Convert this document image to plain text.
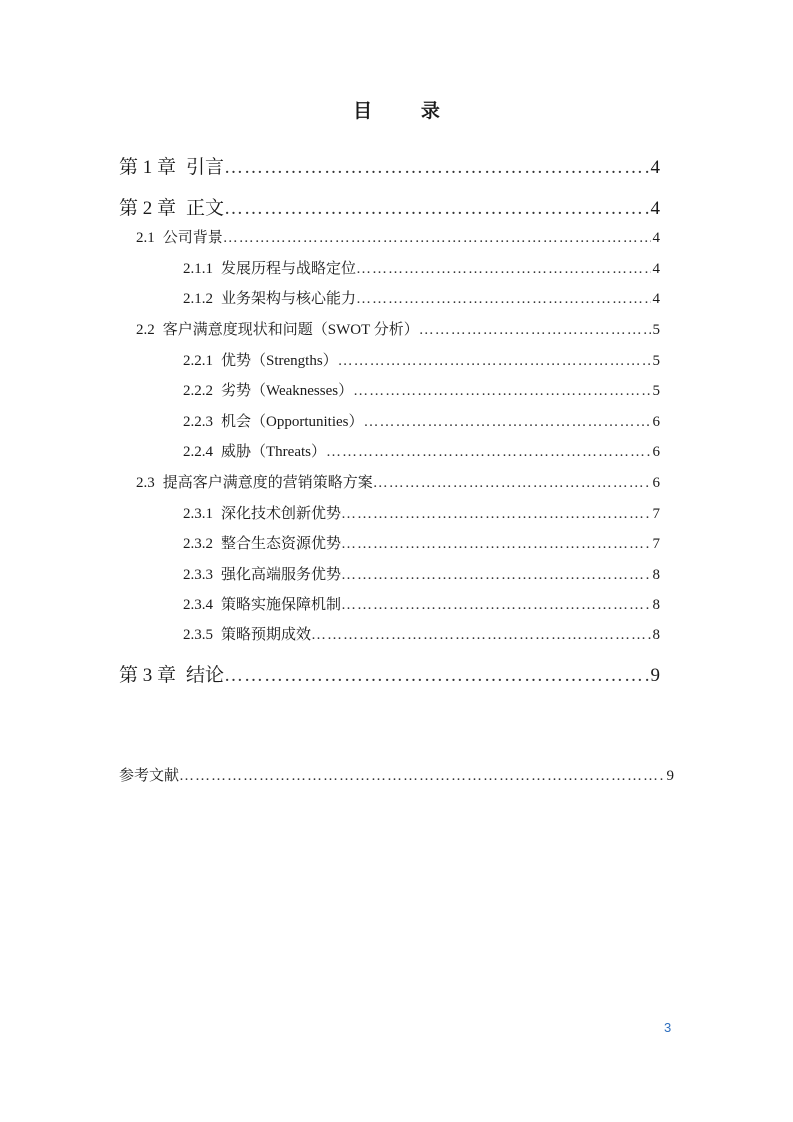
目 录
第 1 章 引言 …………………………………………………………………………………………………………………………………………………………………………………………………………	4
第 2 章 正文 …………………………………………………………………………………………………………………………………………………………………………………………………………	4
2.1 公司背景 …………………………………………………………………………………………………………………………………………………………………………………………………………	4
2.1.1 发展历程与战略定位 …………………………………………………………………………………………………………………………………………………………………………………………………………	4
2.1.2 业务架构与核心能力 …………………………………………………………………………………………………………………………………………………………………………………………………………	4
2.2 客户满意度现状和问题（SWOT 分析） …………………………………………………………………………………………………………………………………………………………………………………………………………	5
2.2.1 优势（Strengths） …………………………………………………………………………………………………………………………………………………………………………………………………………	5
2.2.2 劣势（Weaknesses） …………………………………………………………………………………………………………………………………………………………………………………………………………	5
2.2.3 机会（Opportunities） …………………………………………………………………………………………………………………………………………………………………………………………………………	6
2.2.4 威胁（Threats） …………………………………………………………………………………………………………………………………………………………………………………………………………	6
2.3 提高客户满意度的营销策略方案 …………………………………………………………………………………………………………………………………………………………………………………………………………	6
2.3.1 深化技术创新优势 …………………………………………………………………………………………………………………………………………………………………………………………………………	7
2.3.2 整合生态资源优势 …………………………………………………………………………………………………………………………………………………………………………………………………………	7
2.3.3 强化高端服务优势 …………………………………………………………………………………………………………………………………………………………………………………………………………	8
2.3.4 策略实施保障机制 …………………………………………………………………………………………………………………………………………………………………………………………………………	8
2.3.5 策略预期成效 …………………………………………………………………………………………………………………………………………………………………………………………………………	8
第 3 章 结论 …………………………………………………………………………………………………………………………………………………………………………………………………………	9
参考文献 …………………………………………………………………………………………………………………………………………………………………………………………………………	9
3
